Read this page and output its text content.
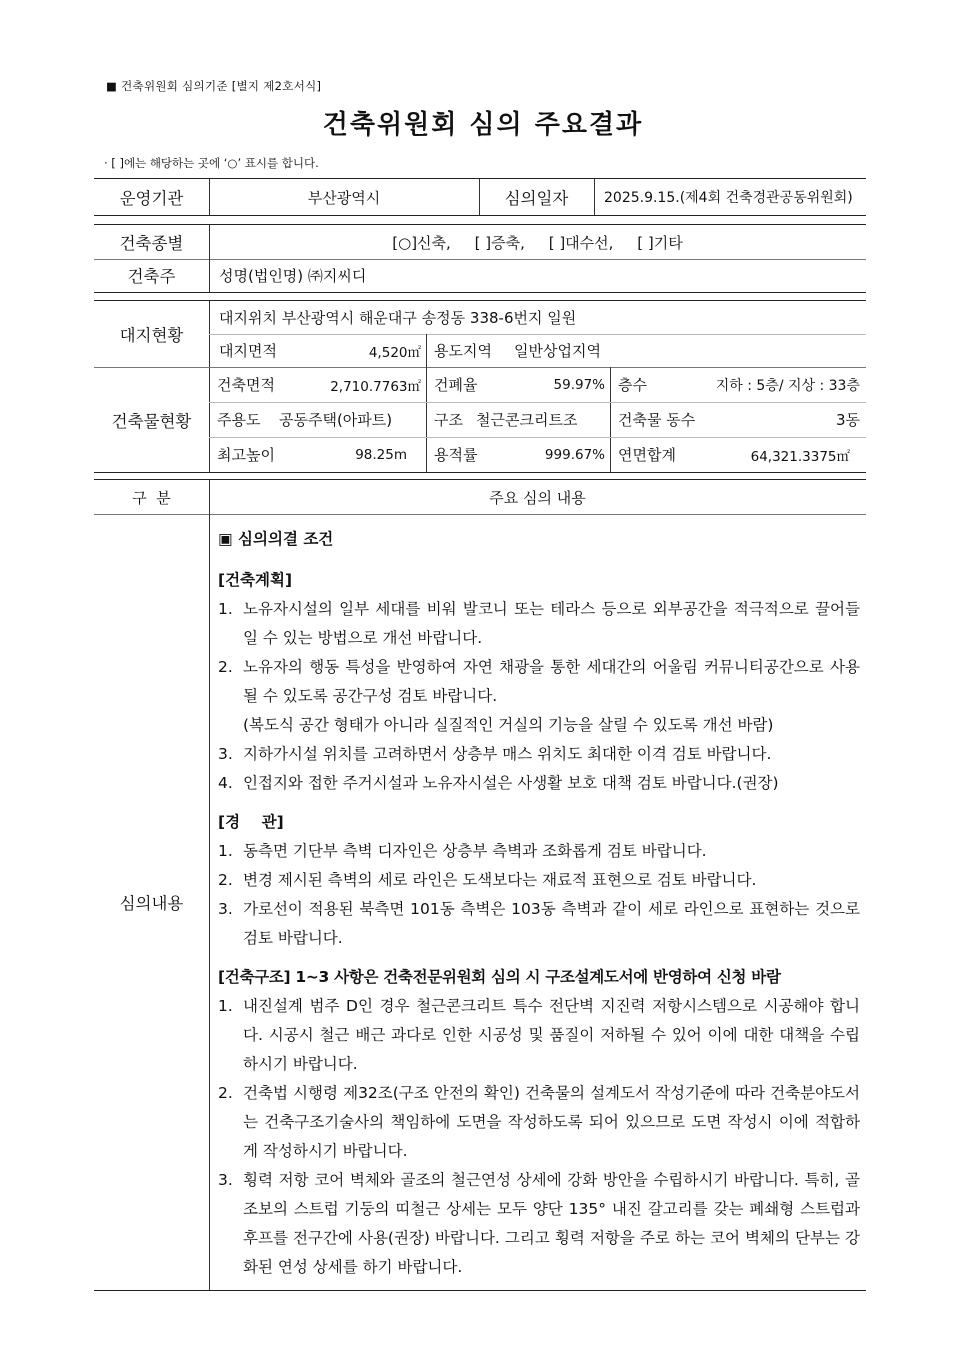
■ 건축위원회 심의기준 [별지 제2호서식]
건축위원회 심의 주요결과
· [ ]에는 해당하는 곳에 ‘○’ 표시를 합니다.
운영기관	부산광역시	심의일자	2025.9.15.(제4회 건축경관공동위원회)
건축종별	[○]신축,     [ ]증축,     [ ]대수선,     [ ]기타
건축주	성명(법인명) ㈜지씨디
대지현황
대지위치 부산광역시 해운대구 송정동 338-6번지 일원
대지면적	4,520㎡ 용도지역	일반상업지역
건축물현황
건축면적	2,710.7763㎡ 건폐율	59.97% 층수	지하 : 5층/ 지상 : 33층
주용도	공동주택(아파트)	구조 철근콘크리트조	건축물 동수	3동
최고높이	98.25m	용적률	999.67% 연면합계	64,321.3375㎡
구  분	주요 심의 내용
심의내용
▣ 심의의결 조건
[건축계획]
1. 노유자시설의 일부 세대를 비워 발코니 또는 테라스 등으로 외부공간을 적극적으로 끌어들일 수 있는 방법으로 개선 바랍니다.
2. 노유자의 행동 특성을 반영하여 자연 채광을 통한 세대간의 어울림 커뮤니티공간으로 사용될 수 있도록 공간구성 검토 바랍니다.
(복도식 공간 형태가 아니라 실질적인 거실의 기능을 살릴 수 있도록 개선 바람)
3. 지하가시설 위치를 고려하면서 상층부 매스 위치도 최대한 이격 검토 바랍니다.
4. 인접지와 접한 주거시설과 노유자시설은 사생활 보호 대책 검토 바랍니다.(권장)
[경    관]
1. 동측면 기단부 측벽 디자인은 상층부 측벽과 조화롭게 검토 바랍니다.
2. 변경 제시된 측벽의 세로 라인은 도색보다는 재료적 표현으로 검토 바랍니다.
3. 가로선이 적용된 북측면 101동 측벽은 103동 측벽과 같이 세로 라인으로 표현하는 것으로 검토 바랍니다.
[건축구조] 1~3 사항은 건축전문위원회 심의 시 구조설계도서에 반영하여 신청 바람
1. 내진설계 범주 D인 경우 철근콘크리트 특수 전단벽 지진력 저항시스템으로 시공해야 합니다. 시공시 철근 배근 과다로 인한 시공성 및 품질이 저하될 수 있어 이에 대한 대책을 수립하시기 바랍니다.
2. 건축법 시행령 제32조(구조 안전의 확인) 건축물의 설계도서 작성기준에 따라 건축분야도서는 건축구조기술사의 책임하에 도면을 작성하도록 되어 있으므로 도면 작성시 이에 적합하게 작성하시기 바랍니다.
3. 횡력 저항 코어 벽체와 골조의 철근연성 상세에 강화 방안을 수립하시기 바랍니다. 특히, 골조보의 스트럽 기둥의 띠철근 상세는 모두 양단 135° 내진 갈고리를 갖는 폐쇄형 스트럽과 후프를 전구간에 사용(권장) 바랍니다. 그리고 횡력 저항을 주로 하는 코어 벽체의 단부는 강화된 연성 상세를 하기 바랍니다.
